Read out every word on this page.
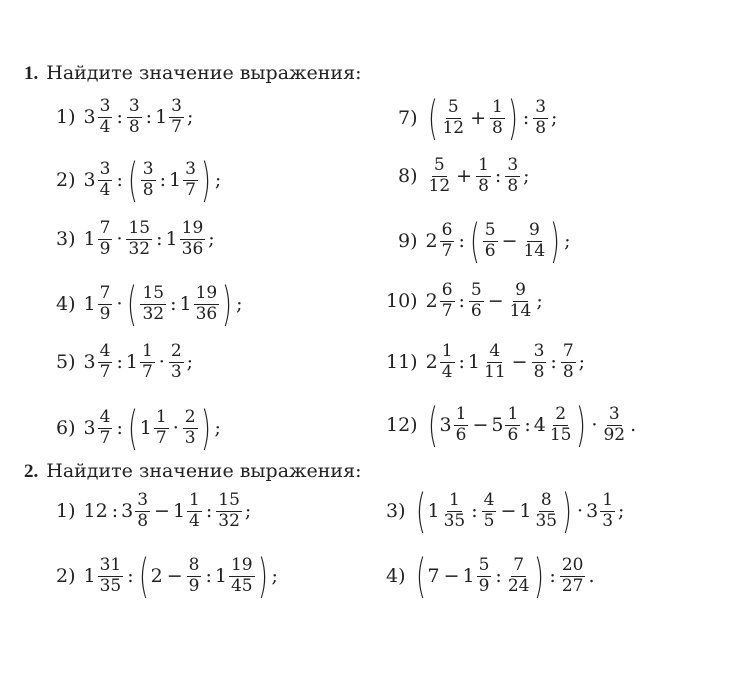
1. Найдите значение выражения:
1) $3 \frac{3}{4}$ : $\frac{3}{8}$ : $1 \frac{3}{7}$ ;
2) $3 \frac{3}{4}$ : ( $\frac{3}{8}$ : $1 \frac{3}{7}$ ) ;
3) $1 \frac{7}{9} \cdot \frac{15}{32}$ : $1 \frac{19}{36}$ ;
4) $1 \frac{7}{9}$ · ( $\frac{15}{32}$ : $1 \frac{19}{36}$ ) ;
5) $3 \frac{4}{7}$ : $1 \frac{1}{7} \cdot \frac{2}{3}$ ;
6) $3 \frac{4}{7}$ : ( $1 \frac{1}{7} \cdot \frac{2}{3}$ ) ;
7) ( $\frac{5}{12} + \frac{1}{8}$ ) : $\frac{3}{8}$ ;
$8) \frac{5}{12} + \frac{1}{8}$ : $\frac{3}{8}$ ;
9) $2 \frac{6}{7}$ : ( $\frac{5}{6} - \frac{9}{14}$ ) ;
10) $2 \frac{6}{7}$ : $\frac{5}{6} - \frac{9}{14}$ ;
11) $2 \frac{1}{4}$ : $1 \frac{4}{11} - \frac{3}{8}$ : $\frac{7}{8}$ ;
12) ( $3 \frac{1}{6} - 5 \frac{1}{6}$ : $4 \frac{2}{15}$ ) · $\frac{3}{92}$ .
2. Найдите значение выражения:
1) 12 : $3 \frac{3}{8} - 1 \frac{1}{4}$ : $\frac{15}{32}$ ;
2) $1 \frac{31}{35}$ : ( $2 - \frac{8}{9}$ : $1 \frac{19}{45}$ ) ;
3) ( $1 \frac{1}{35}$ : $\frac{4}{5} - 1 \frac{8}{35}$ ) · $3 \frac{1}{3}$ ;
4) ( $7 - 1 \frac{5}{9}$ : $\frac{7}{24}$ ) : $\frac{20}{27}$ .
